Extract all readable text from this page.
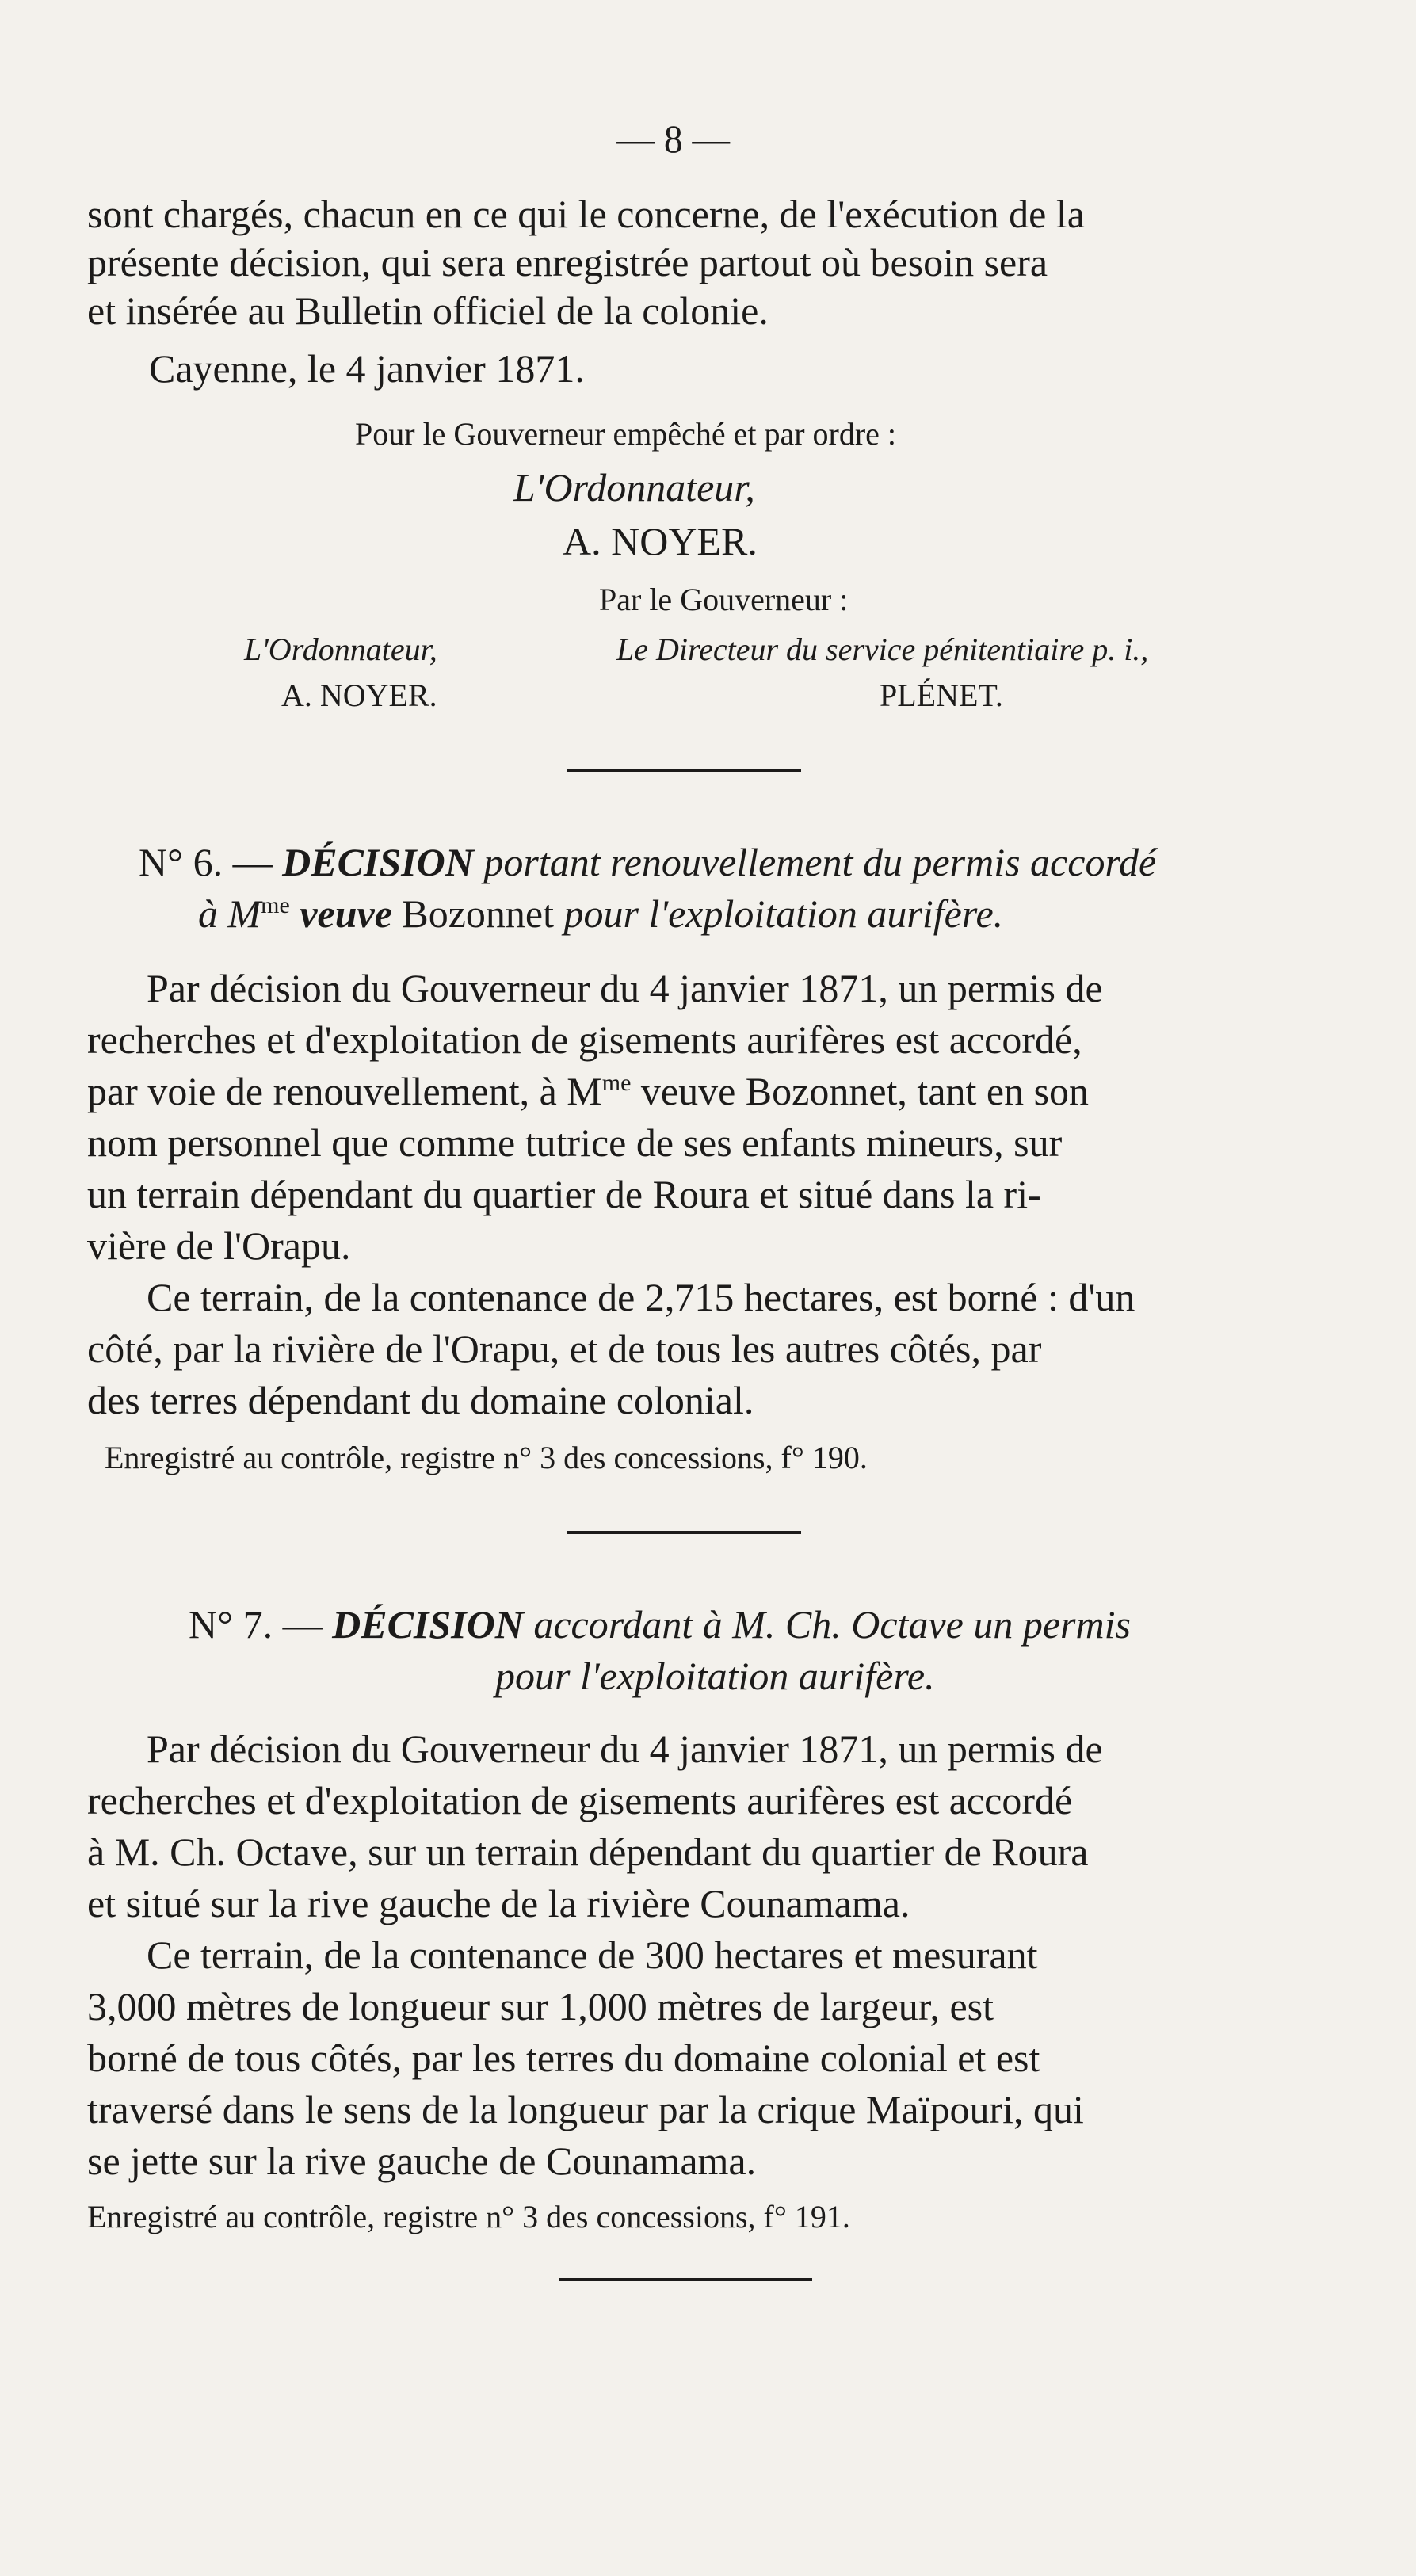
— 8 —
sont chargés, chacun en ce qui le concerne, de l'exécution de la
présente décision, qui sera enregistrée partout où besoin sera
et insérée au Bulletin officiel de la colonie.
Cayenne, le 4 janvier 1871.
Pour le Gouverneur empêché et par ordre :
L'Ordonnateur,
A. NOYER.
Par le Gouverneur :
L'Ordonnateur,
A. NOYER.
Le Directeur du service pénitentiaire p. i.,
PLÉNET.
N° 6. — DÉCISION portant renouvellement du permis accordé
à $M^{me}$ veuve Bozonnet pour l'exploitation aurifère.
Par décision du Gouverneur du 4 janvier 1871, un permis de
recherches et d'exploitation de gisements aurifères est accordé,
par voie de renouvellement, à $M^{me}$ veuve Bozonnet, tant en son
nom personnel que comme tutrice de ses enfants mineurs, sur
un terrain dépendant du quartier de Roura et situé dans la ri-
vière de l'Orapu.
Ce terrain, de la contenance de 2,715 hectares, est borné : d'un
côté, par la rivière de l'Orapu, et de tous les autres côtés, par
des terres dépendant du domaine colonial.
Enregistré au contrôle, registre n° 3 des concessions, f° 190.
N° 7. — DÉCISION accordant à M. Ch. Octave un permis
pour l'exploitation aurifère.
Par décision du Gouverneur du 4 janvier 1871, un permis de
recherches et d'exploitation de gisements aurifères est accordé
à M. Ch. Octave, sur un terrain dépendant du quartier de Roura
et situé sur la rive gauche de la rivière Counamama.
Ce terrain, de la contenance de 300 hectares et mesurant
3,000 mètres de longueur sur 1,000 mètres de largeur, est
borné de tous côtés, par les terres du domaine colonial et est
traversé dans le sens de la longueur par la crique Maïpouri, qui
se jette sur la rive gauche de Counamama.
Enregistré au contrôle, registre n° 3 des concessions, f° 191.
